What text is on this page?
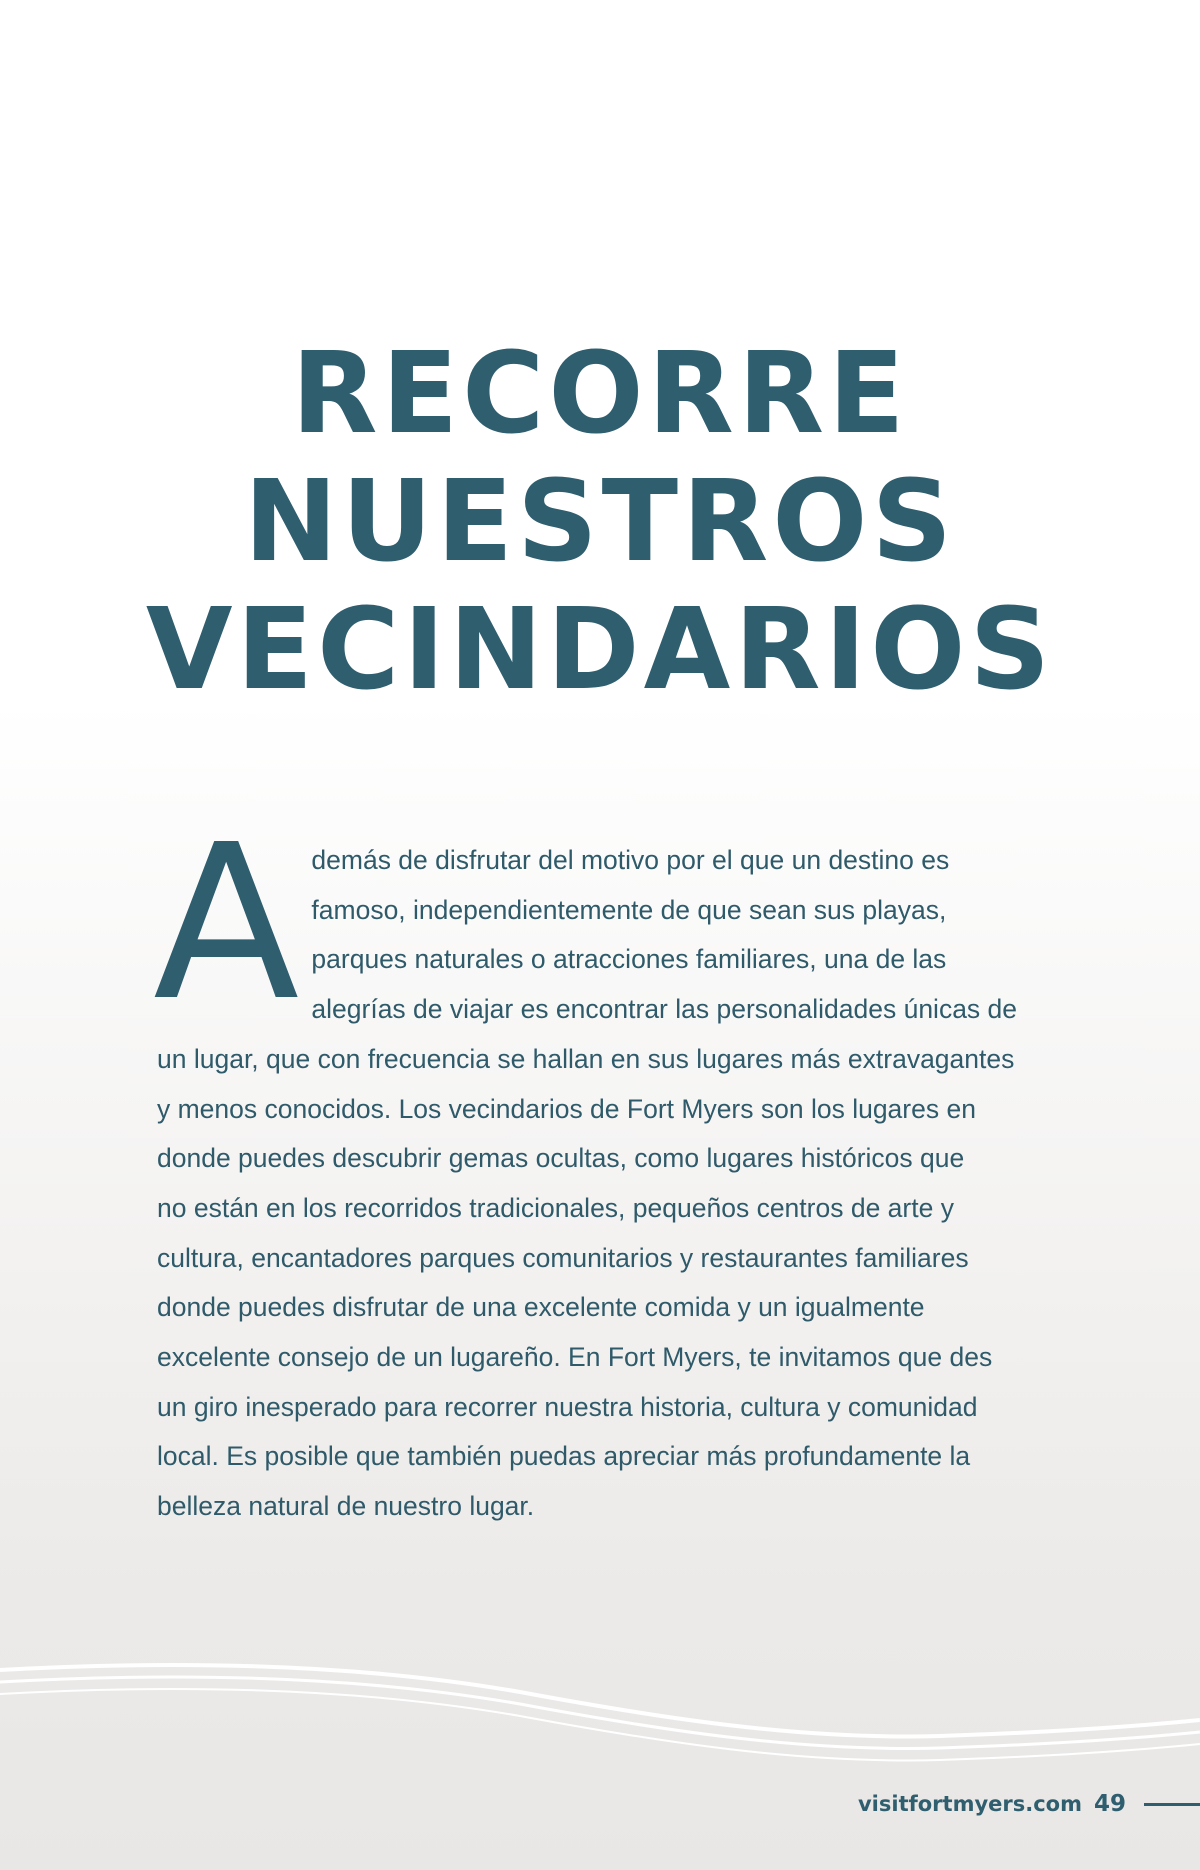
RECORRE
NUESTROS
VECINDARIOS
A demás de disfrutar del motivo por el que un destino es
famoso, independientemente de que sean sus playas,
parques naturales o atracciones familiares, una de las
alegrías de viajar es encontrar las personalidades únicas de
un lugar, que con frecuencia se hallan en sus lugares más extravagantes
y menos conocidos. Los vecindarios de Fort Myers son los lugares en
donde puedes descubrir gemas ocultas, como lugares históricos que
no están en los recorridos tradicionales, pequeños centros de arte y
cultura, encantadores parques comunitarios y restaurantes familiares
donde puedes disfrutar de una excelente comida y un igualmente
excelente consejo de un lugareño. En Fort Myers, te invitamos que des
un giro inesperado para recorrer nuestra historia, cultura y comunidad
local. Es posible que también puedas apreciar más profundamente la
belleza natural de nuestro lugar.
visitfortmyers.com 49
